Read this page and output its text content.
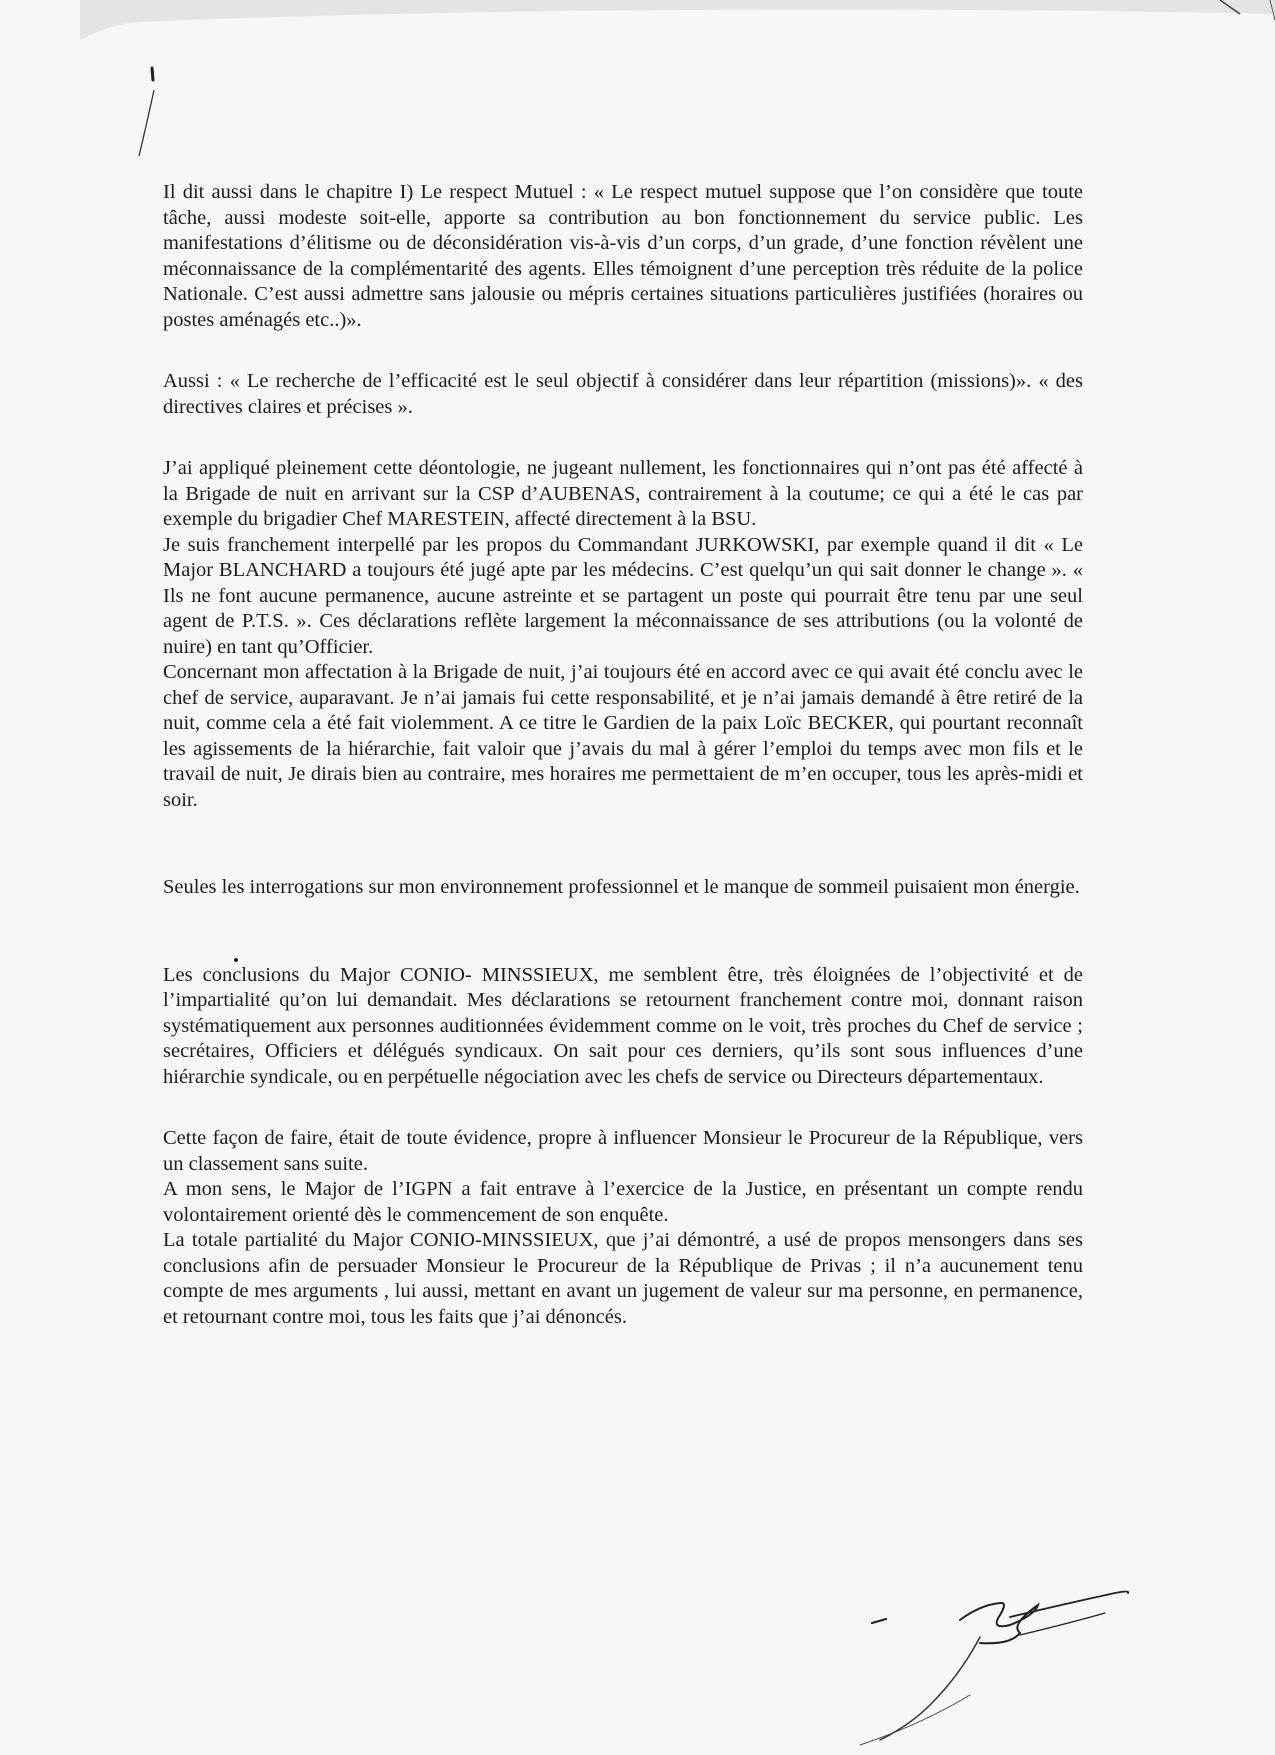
Il dit aussi dans le chapitre I) Le respect Mutuel : « Le respect mutuel suppose que l’on considère que toute tâche, aussi modeste soit-elle, apporte sa contribution au bon fonctionnement du service public. Les manifestations d’élitisme ou de déconsidération vis-à-vis d’un corps, d’un grade, d’une fonction révèlent une méconnaissance de la complémentarité des agents. Elles témoignent d’une perception très réduite de la police Nationale. C’est aussi admettre sans jalousie ou mépris certaines situations particulières justifiées (horaires ou postes aménagés etc..)».

Aussi : « Le recherche de l’efficacité est le seul objectif à considérer dans leur répartition (missions)». « des directives claires et précises ».

J’ai appliqué pleinement cette déontologie, ne jugeant nullement, les fonctionnaires qui n’ont pas été affecté à la Brigade de nuit en arrivant sur la CSP d’AUBENAS, contrairement à la coutume; ce qui a été le cas par exemple du brigadier Chef MARESTEIN, affecté directement à la BSU.

Je suis franchement interpellé par les propos du Commandant JURKOWSKI, par exemple quand il dit « Le Major BLANCHARD a toujours été jugé apte par les médecins. C’est quelqu’un qui sait donner le change ». « Ils ne font aucune permanence, aucune astreinte et se partagent un poste qui pourrait être tenu par une seul agent de P.T.S. ». Ces déclarations reflète largement la méconnaissance de ses attributions (ou la volonté de nuire) en tant qu’Officier.

Concernant mon affectation à la Brigade de nuit, j’ai toujours été en accord avec ce qui avait été conclu avec le chef de service, auparavant. Je n’ai jamais fui cette responsabilité, et je n’ai jamais demandé à être retiré de la nuit, comme cela a été fait violemment. A ce titre le Gardien de la paix Loïc BECKER, qui pourtant reconnaît les agissements de la hiérarchie, fait valoir que j’avais du mal à gérer l’emploi du temps avec mon fils et le travail de nuit, Je dirais bien au contraire, mes horaires me permettaient de m’en occuper, tous les après-midi et soir.

Seules les interrogations sur mon environnement professionnel et le manque de sommeil puisaient mon énergie.

Les conclusions du Major CONIO- MINSSIEUX, me semblent être, très éloignées de l’objectivité et de l’impartialité qu’on lui demandait. Mes déclarations se retournent franchement contre moi, donnant raison systématiquement aux personnes auditionnées évidemment comme on le voit, très proches du Chef de service ; secrétaires, Officiers et délégués syndicaux. On sait pour ces derniers, qu’ils sont sous influences d’une hiérarchie syndicale, ou en perpétuelle négociation avec les chefs de service ou Directeurs départementaux.

Cette façon de faire, était de toute évidence, propre à influencer Monsieur le Procureur de la République, vers un classement sans suite.

A mon sens, le Major de l’IGPN a fait entrave à l’exercice de la Justice, en présentant un compte rendu volontairement orienté dès le commencement de son enquête.

La totale partialité du Major CONIO-MINSSIEUX, que j’ai démontré, a usé de propos mensongers dans ses conclusions afin de persuader Monsieur le Procureur de la République de Privas ; il n’a aucunement tenu compte de mes arguments , lui aussi, mettant en avant un jugement de valeur sur ma personne, en permanence, et retournant contre moi, tous les faits que j’ai dénoncés.
